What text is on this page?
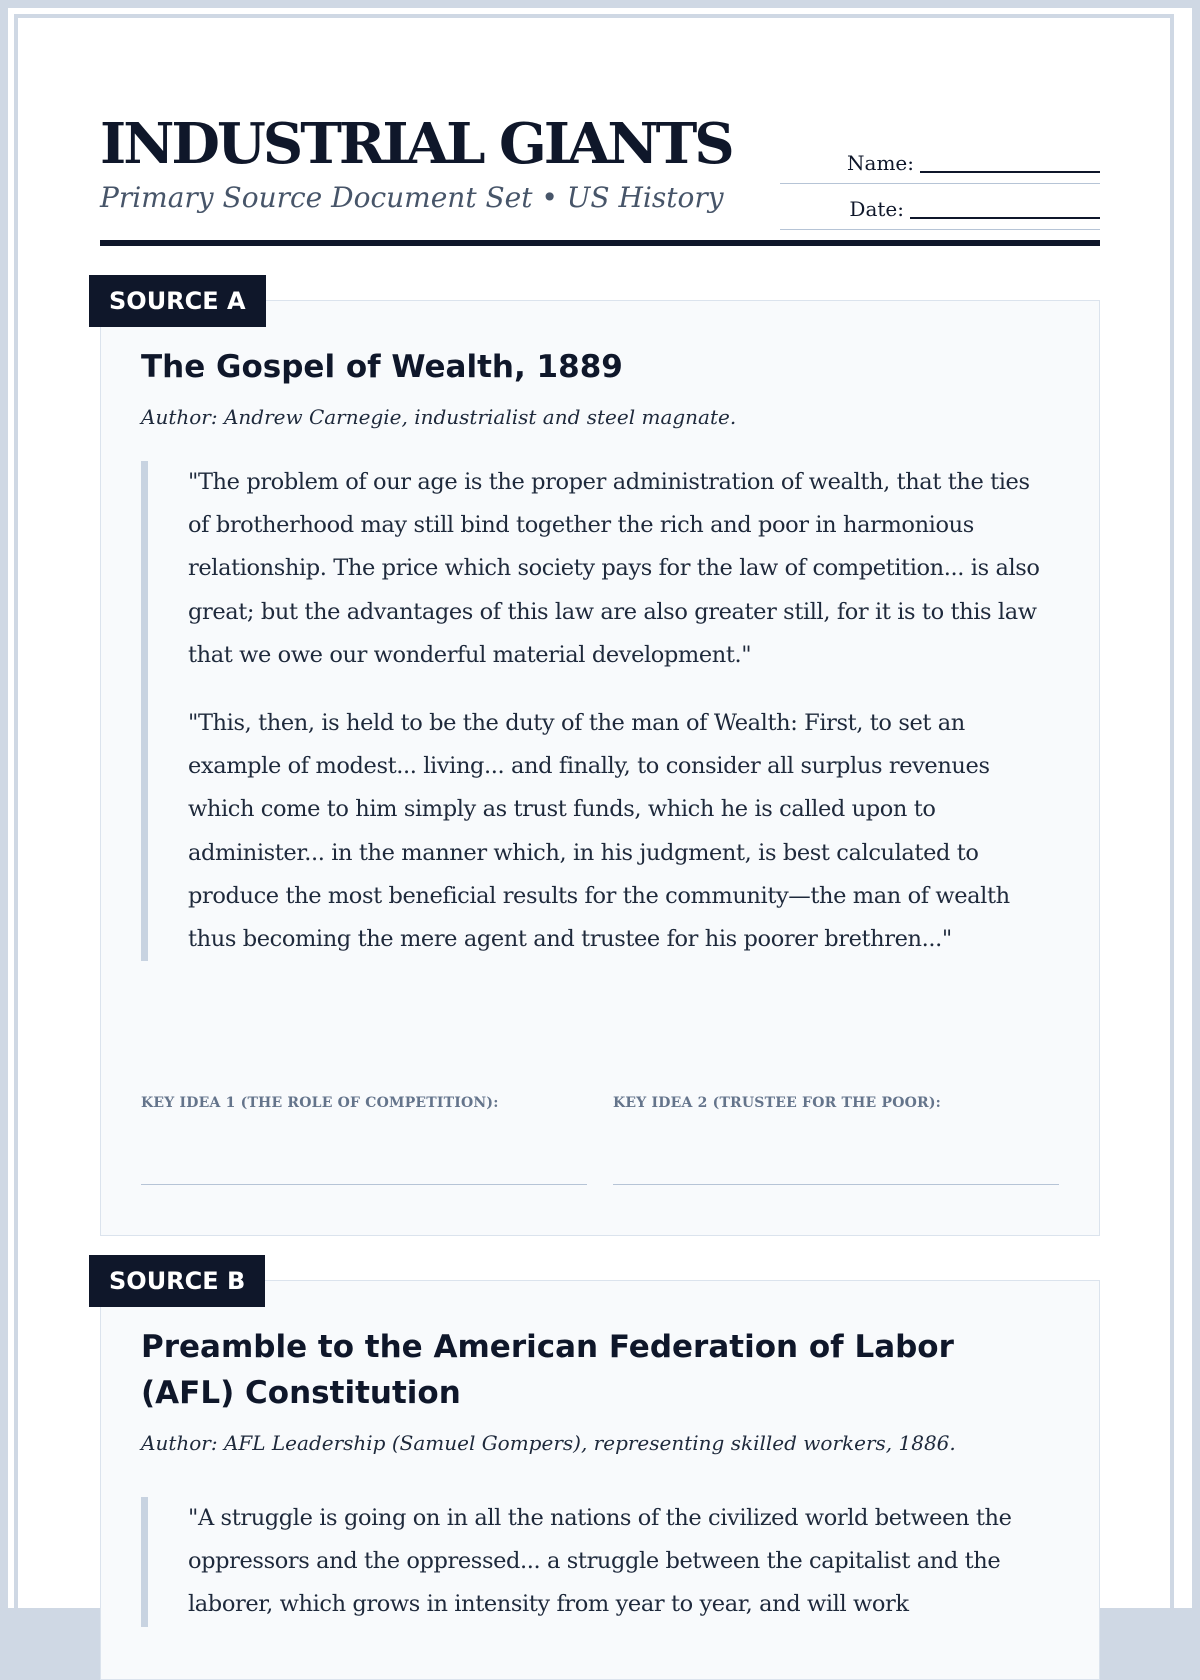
INDUSTRIAL GIANTS
Primary Source Document Set • US History
Name:
Date:
SOURCE A
The Gospel of Wealth, 1889
Author: Andrew Carnegie, industrialist and steel magnate.

"The problem of our age is the proper administration of wealth, that the ties of brotherhood may still bind together the rich and poor in harmonious relationship. The price which society pays for the law of competition... is also great; but the advantages of this law are also greater still, for it is to this law that we owe our wonderful material development."

"This, then, is held to be the duty of the man of Wealth: First, to set an example of modest... living... and finally, to consider all surplus revenues which come to him simply as trust funds, which he is called upon to administer... in the manner which, in his judgment, is best calculated to produce the most beneficial results for the community—the man of wealth thus becoming the mere agent and trustee for his poorer brethren..."

KEY IDEA 1 (THE ROLE OF COMPETITION):	KEY IDEA 2 (TRUSTEE FOR THE POOR):
SOURCE B
Preamble to the American Federation of Labor (AFL) Constitution
Author: AFL Leadership (Samuel Gompers), representing skilled workers, 1886.

"A struggle is going on in all the nations of the civilized world between the oppressors and the oppressed... a struggle between the capitalist and the laborer, which grows in intensity from year to year, and will work
